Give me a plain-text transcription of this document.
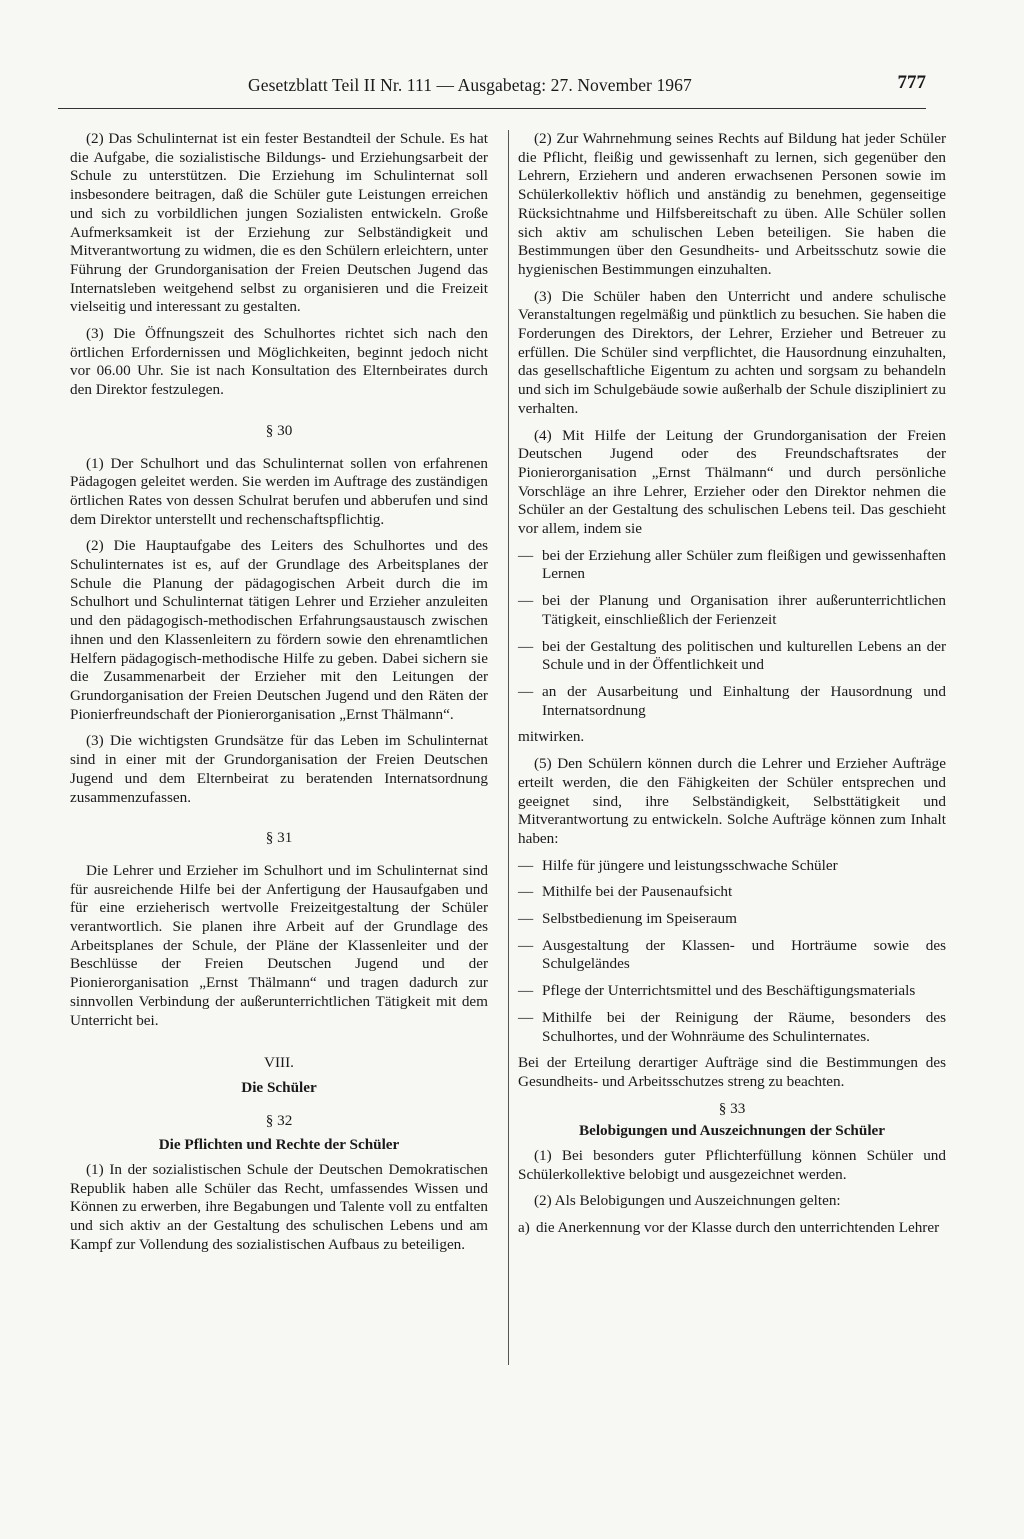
Gesetzblatt Teil II Nr. 111 — Ausgabetag: 27. November 1967	777

(2) Das Schulinternat ist ein fester Bestandteil der Schule. Es hat die Aufgabe, die sozialistische Bildungs- und Erziehungsarbeit der Schule zu unterstützen. Die Erziehung im Schulinternat soll insbesondere beitragen, daß die Schüler gute Leistungen erreichen und sich zu vorbildlichen jungen Sozialisten entwickeln. Große Aufmerksamkeit ist der Erziehung zur Selbständigkeit und Mitverantwortung zu widmen, die es den Schülern erleichtern, unter Führung der Grundorganisation der Freien Deutschen Jugend das Internatsleben weitgehend selbst zu organisieren und die Freizeit vielseitig und interessant zu gestalten.

(3) Die Öffnungszeit des Schulhortes richtet sich nach den örtlichen Erfordernissen und Möglichkeiten, beginnt jedoch nicht vor 06.00 Uhr. Sie ist nach Konsultation des Elternbeirates durch den Direktor festzulegen.

§ 30

(1) Der Schulhort und das Schulinternat sollen von erfahrenen Pädagogen geleitet werden. Sie werden im Auftrage des zuständigen örtlichen Rates von dessen Schulrat berufen und abberufen und sind dem Direktor unterstellt und rechenschaftspflichtig.

(2) Die Hauptaufgabe des Leiters des Schulhortes und des Schulinternates ist es, auf der Grundlage des Arbeitsplanes der Schule die Planung der pädagogischen Arbeit durch die im Schulhort und Schulinternat tätigen Lehrer und Erzieher anzuleiten und den pädagogisch-methodischen Erfahrungsaustausch zwischen ihnen und den Klassenleitern zu fördern sowie den ehrenamtlichen Helfern pädagogisch-methodische Hilfe zu geben. Dabei sichern sie die Zusammenarbeit der Erzieher mit den Leitungen der Grundorganisation der Freien Deutschen Jugend und den Räten der Pionierfreundschaft der Pionierorganisation „Ernst Thälmann“.

(3) Die wichtigsten Grundsätze für das Leben im Schulinternat sind in einer mit der Grundorganisation der Freien Deutschen Jugend und dem Elternbeirat zu beratenden Internatsordnung zusammenzufassen.

§ 31

Die Lehrer und Erzieher im Schulhort und im Schulinternat sind für ausreichende Hilfe bei der Anfertigung der Hausaufgaben und für eine erzieherisch wertvolle Freizeitgestaltung der Schüler verantwortlich. Sie planen ihre Arbeit auf der Grundlage des Arbeitsplanes der Schule, der Pläne der Klassenleiter und der Beschlüsse der Freien Deutschen Jugend und der Pionierorganisation „Ernst Thälmann“ und tragen dadurch zur sinnvollen Verbindung der außerunterrichtlichen Tätigkeit mit dem Unterricht bei.

VIII.
Die Schüler
§ 32
Die Pflichten und Rechte der Schüler

(1) In der sozialistischen Schule der Deutschen Demokratischen Republik haben alle Schüler das Recht, umfassendes Wissen und Können zu erwerben, ihre Begabungen und Talente voll zu entfalten und sich aktiv an der Gestaltung des schulischen Lebens und am Kampf zur Vollendung des sozialistischen Aufbaus zu beteiligen.

(2) Zur Wahrnehmung seines Rechts auf Bildung hat jeder Schüler die Pflicht, fleißig und gewissenhaft zu lernen, sich gegenüber den Lehrern, Erziehern und anderen erwachsenen Personen sowie im Schülerkollektiv höflich und anständig zu benehmen, gegenseitige Rücksichtnahme und Hilfsbereitschaft zu üben. Alle Schüler sollen sich aktiv am schulischen Leben beteiligen. Sie haben die Bestimmungen über den Gesundheits- und Arbeitsschutz sowie die hygienischen Bestimmungen einzuhalten.

(3) Die Schüler haben den Unterricht und andere schulische Veranstaltungen regelmäßig und pünktlich zu besuchen. Sie haben die Forderungen des Direktors, der Lehrer, Erzieher und Betreuer zu erfüllen. Die Schüler sind verpflichtet, die Hausordnung einzuhalten, das gesellschaftliche Eigentum zu achten und sorgsam zu behandeln und sich im Schulgebäude sowie außerhalb der Schule diszipliniert zu verhalten.

(4) Mit Hilfe der Leitung der Grundorganisation der Freien Deutschen Jugend oder des Freundschaftsrates der Pionierorganisation „Ernst Thälmann“ und durch persönliche Vorschläge an ihre Lehrer, Erzieher oder den Direktor nehmen die Schüler an der Gestaltung des schulischen Lebens teil. Das geschieht vor allem, indem sie

— bei der Erziehung aller Schüler zum fleißigen und gewissenhaften Lernen
— bei der Planung und Organisation ihrer außerunterrichtlichen Tätigkeit, einschließlich der Ferienzeit
— bei der Gestaltung des politischen und kulturellen Lebens an der Schule und in der Öffentlichkeit und
— an der Ausarbeitung und Einhaltung der Hausordnung und Internatsordnung

mitwirken.

(5) Den Schülern können durch die Lehrer und Erzieher Aufträge erteilt werden, die den Fähigkeiten der Schüler entsprechen und geeignet sind, ihre Selbständigkeit, Selbsttätigkeit und Mitverantwortung zu entwickeln. Solche Aufträge können zum Inhalt haben:

— Hilfe für jüngere und leistungsschwache Schüler
— Mithilfe bei der Pausenaufsicht
— Selbstbedienung im Speiseraum
— Ausgestaltung der Klassen- und Horträume sowie des Schulgeländes
— Pflege der Unterrichtsmittel und des Beschäftigungsmaterials
— Mithilfe bei der Reinigung der Räume, besonders des Schulhortes, und der Wohnräume des Schulinternates.

Bei der Erteilung derartiger Aufträge sind die Bestimmungen des Gesundheits- und Arbeitsschutzes streng zu beachten.

§ 33
Belobigungen und Auszeichnungen der Schüler

(1) Bei besonders guter Pflichterfüllung können Schüler und Schülerkollektive belobigt und ausgezeichnet werden.

(2) Als Belobigungen und Auszeichnungen gelten:

a) die Anerkennung vor der Klasse durch den unterrichtenden Lehrer
